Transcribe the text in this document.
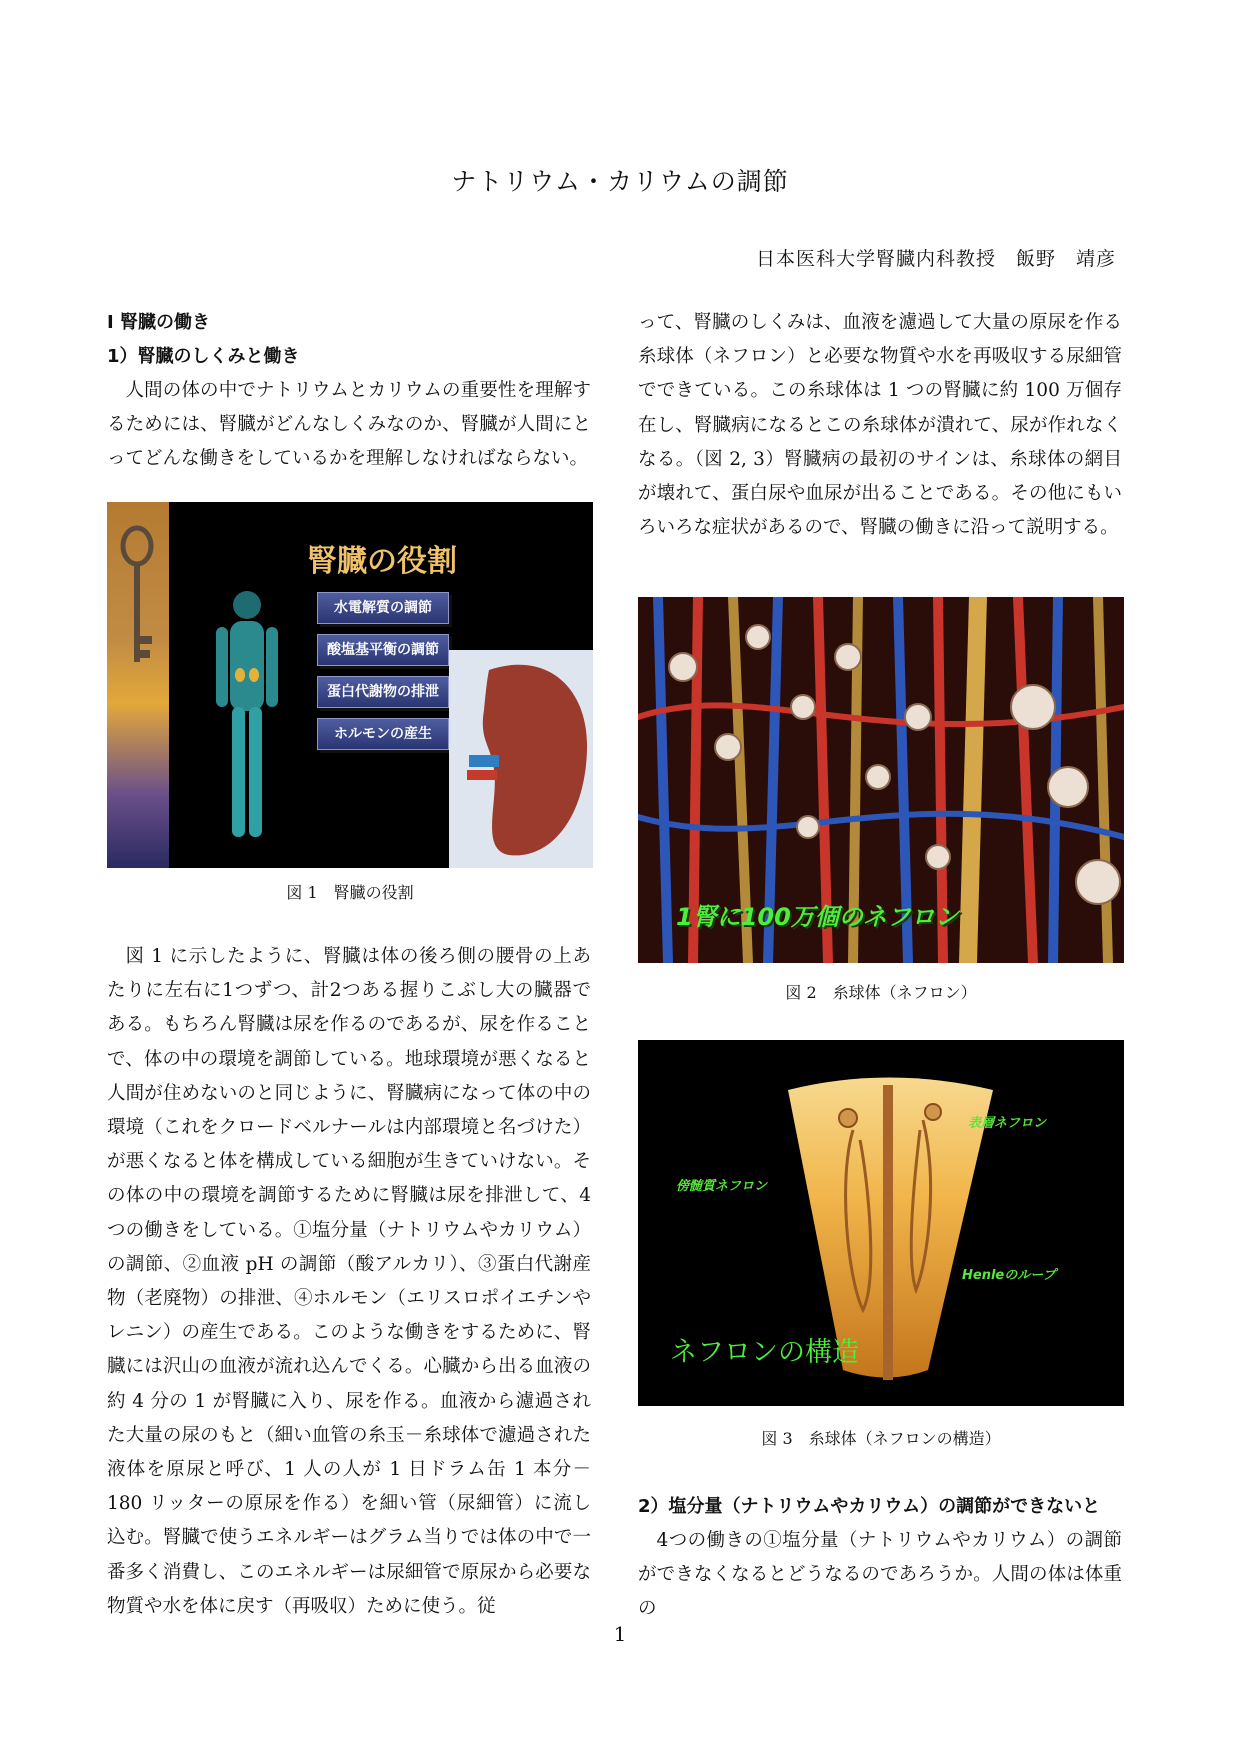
ナトリウム・カリウムの調節
日本医科大学腎臓内科教授　飯野　靖彦

Ⅰ 腎臓の働き

1）腎臓のしくみと働き

人間の体の中でナトリウムとカリウムの重要性を理解するためには、腎臓がどんなしくみなのか、腎臓が人間にとってどんな働きをしているかを理解しなければならない。

腎臓の役割
水電解質の調節
酸塩基平衡の調節
蛋白代謝物の排泄
ホルモンの産生
図 1　腎臓の役割

図 1 に示したように、腎臓は体の後ろ側の腰骨の上あたりに左右に1つずつ、計2つある握りこぶし大の臓器である。もちろん腎臓は尿を作るのであるが、尿を作ることで、体の中の環境を調節している。地球環境が悪くなると人間が住めないのと同じように、腎臓病になって体の中の環境（これをクロードベルナールは内部環境と名づけた）が悪くなると体を構成している細胞が生きていけない。その体の中の環境を調節するために腎臓は尿を排泄して、4つの働きをしている。①塩分量（ナトリウムやカリウム）の調節、②血液 pH の調節（酸アルカリ）、③蛋白代謝産物（老廃物）の排泄、④ホルモン（エリスロポイエチンやレニン）の産生である。このような働きをするために、腎臓には沢山の血液が流れ込んでくる。心臓から出る血液の約 4 分の 1 が腎臓に入り、尿を作る。血液から濾過された大量の尿のもと（細い血管の糸玉－糸球体で濾過された液体を原尿と呼び、1 人の人が 1 日ドラム缶 1 本分－180 リッターの原尿を作る）を細い管（尿細管）に流し込む。腎臓で使うエネルギーはグラム当りでは体の中で一番多く消費し、このエネルギーは尿細管で原尿から必要な物質や水を体に戻す（再吸収）ために使う。従

って、腎臓のしくみは、血液を濾過して大量の原尿を作る糸球体（ネフロン）と必要な物質や水を再吸収する尿細管でできている。この糸球体は 1 つの腎臓に約 100 万個存在し、腎臓病になるとこの糸球体が潰れて、尿が作れなくなる。（図 2, 3）腎臓病の最初のサインは、糸球体の網目が壊れて、蛋白尿や血尿が出ることである。その他にもいろいろな症状があるので、腎臓の働きに沿って説明する。

1腎に100万個のネフロン
図 2　糸球体（ネフロン）
表層ネフロン
傍髄質ネフロン
Henleのループ
ネフロンの構造
図 3　糸球体（ネフロンの構造）

2）塩分量（ナトリウムやカリウム）の調節ができないと

4つの働きの①塩分量（ナトリウムやカリウム）の調節ができなくなるとどうなるのであろうか。人間の体は体重の

1
